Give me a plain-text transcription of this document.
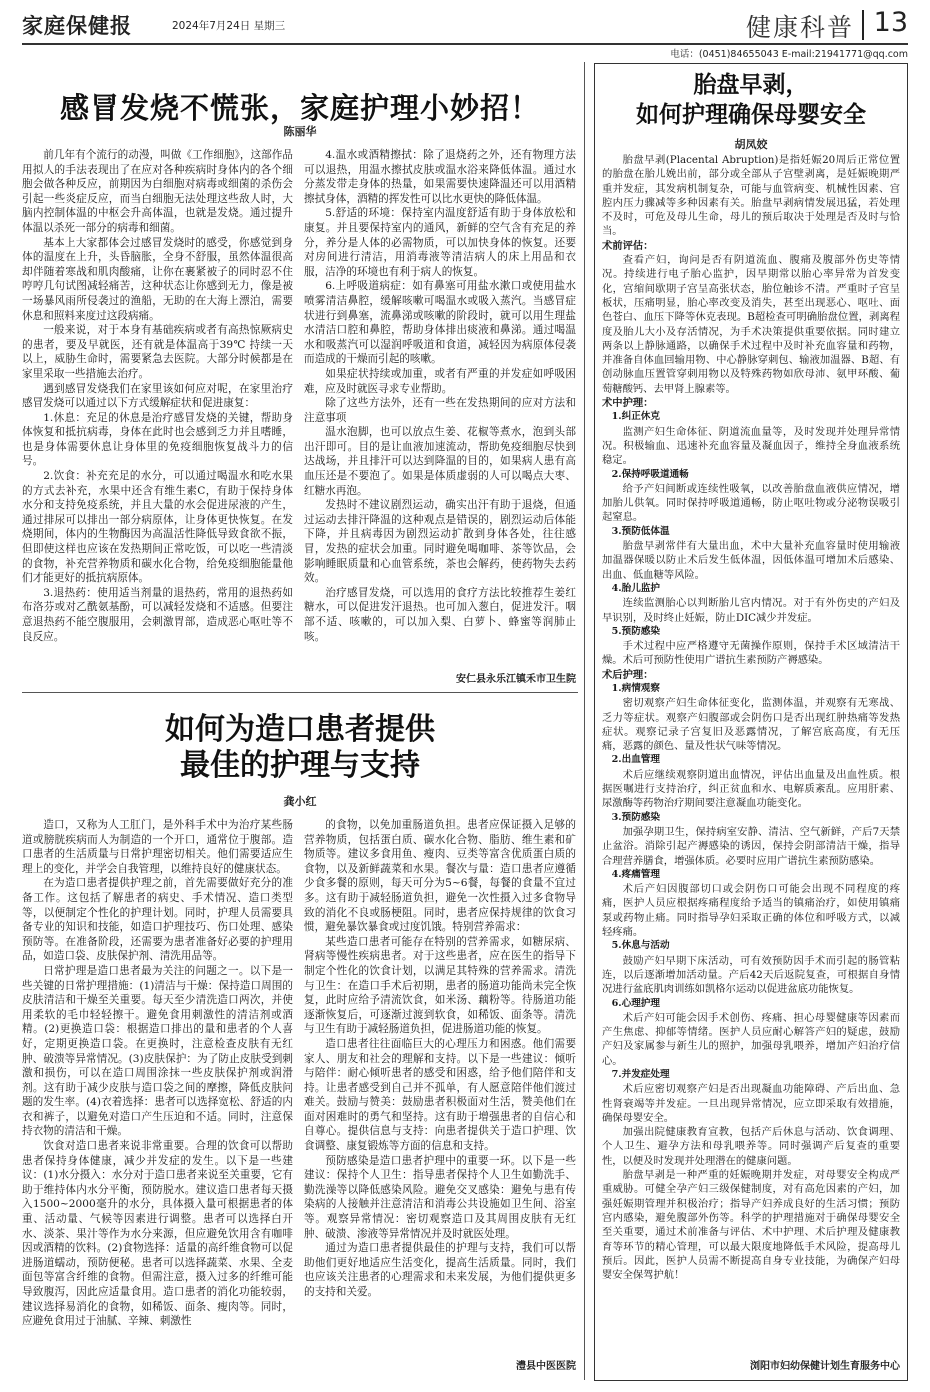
家庭保健报	2024年7月24日 星期三	健康科普 13
电话：(0451)84655043 E-mail:21941771@qq.com
感冒发烧不慌张，家庭护理小妙招！
陈丽华

前几年有个流行的动漫，叫做《工作细胞》，这部作品用拟人的手法表现出了在应对各种疾病时身体内的各个细胞会做各种反应，前期因为白细胞对病毒或细菌的杀伤会引起一些炎症反应，而当白细胞无法处理这些敌人时，大脑内控制体温的中枢会升高体温，也就是发烧。通过提升体温以杀死一部分的病毒和细菌。

基本上大家都体会过感冒发烧时的感受，你感觉到身体的温度在上升，头昏脑胀，全身不舒服，虽然体温很高却伴随着寒战和肌肉酸痛，让你在裹紧被子的同时忍不住哼哼几句试图减轻痛苦，这种状态让你感到无力，像是被一场暴风雨所侵袭过的渔船，无助的在大海上漂泊，需要休息和照料来度过这段病痛。

一般来说，对于本身有基础疾病或者有高热惊厥病史的患者，要及早就医，还有就是体温高于39℃ 持续一天以上，威胁生命时，需要紧急去医院。大部分时候都是在家里采取一些措施去治疗。

遇到感冒发烧我们在家里该如何应对呢，在家里治疗感冒发烧可以通过以下方式缓解症状和促进康复：

1.休息：充足的休息是治疗感冒发烧的关键，帮助身体恢复和抵抗病毒，身体在此时也会感到乏力并且嗜睡，也是身体需要休息让身体里的免疫细胞恢复战斗力的信号。

2.饮食：补充充足的水分，可以通过喝温水和吃水果的方式去补充，水果中还含有维生素C，有助于保持身体水分和支持免疫系统，并且大量的水会促进尿液的产生，通过排尿可以排出一部分病原体，让身体更快恢复。在发烧期间，体内的生物酶因为高温活性降低导致食欲不振，但即使这样也应该在发热期间正常吃饭，可以吃一些清淡的食物，补充营养物质和碳水化合物，给免疫细胞能量他们才能更好的抵抗病原体。

3.退热药：使用适当剂量的退热药，常用的退热药如布洛芬或对乙酰氨基酚，可以减轻发烧和不适感。但要注意退热药不能空腹服用，会刺激胃部，造成恶心呕吐等不良反应。

4.温水或酒精擦拭：除了退烧药之外，还有物理方法可以退热，用温水擦拭皮肤或温水浴来降低体温。通过水分蒸发带走身体的热量，如果需要快速降温还可以用酒精擦拭身体，酒精的挥发性可以比水更快的降低体温。

5.舒适的环境：保持室内温度舒适有助于身体放松和康复。并且要保持室内的通风，新鲜的空气含有充足的养分，养分是人体的必需物质，可以加快身体的恢复。还要对房间进行清洁，用消毒液等清洁病人的床上用品和衣服，洁净的环境也有利于病人的恢复。

6.上呼吸道病症：如有鼻塞可用盐水漱口或使用盐水喷雾清洁鼻腔，缓解咳嗽可喝温水或吸入蒸汽。当感冒症状进行到鼻塞，流鼻涕或咳嗽的阶段时，就可以用生理盐水清洁口腔和鼻腔，帮助身体排出痰液和鼻涕。通过喝温水和吸蒸汽可以湿润呼吸道和食道，减轻因为病原体侵袭而造成的干燥而引起的咳嗽。

如果症状持续或加重，或者有严重的并发症如呼吸困难，应及时就医寻求专业帮助。

除了这些方法外，还有一些在发热期间的应对方法和注意事项

温水泡脚，也可以放点生姜、花椒等煮水，泡到头部出汗即可。目的是让血液加速流动，帮助免疫细胞尽快到达战场，并且排汗可以达到降温的目的，如果病人患有高血压还是不要泡了。如果是体质虚弱的人可以喝点大枣、红糖水再泡。

发热时不建议剧烈运动，确实出汗有助于退烧，但通过运动去排汗降温的这种观点是错误的，剧烈运动后体能下降，并且病毒因为剧烈运动扩散到身体各处，往往感冒，发热的症状会加重。同时避免喝咖啡、茶等饮品，会影响睡眠质量和心血管系统，茶也会解药，使药物失去药效。

治疗感冒发烧，可以选用的食疗方法比较推荐生姜红糖水，可以促进发汗退热。也可加入葱白，促进发汗。咽部不适、咳嗽的，可以加入梨、白萝卜、蜂蜜等润肺止咳。

安仁县永乐江镇禾市卫生院
如何为造口患者提供
最佳的护理与支持
龚小红

造口，又称为人工肛门，是外科手术中为治疗某些肠道或膀胱疾病而人为制造的一个开口，通常位于腹部。造口患者的生活质量与日常护理密切相关。他们需要适应生理上的变化，并学会自我管理，以维持良好的健康状态。

在为造口患者提供护理之前，首先需要做好充分的准备工作。这包括了解患者的病史、手术情况、造口类型等，以便制定个性化的护理计划。同时，护理人员需要具备专业的知识和技能，如造口护理技巧、伤口处理、感染预防等。在准备阶段，还需要为患者准备好必要的护理用品，如造口袋、皮肤保护剂、清洗用品等。

日常护理是造口患者最为关注的问题之一。以下是一些关键的日常护理措施：(1)清洁与干燥：保持造口周围的皮肤清洁和干燥至关重要。每天至少清洗造口两次，并使用柔软的毛巾轻轻擦干。避免食用刺激性的清洁剂或酒精。(2)更换造口袋：根据造口排出的量和患者的个人喜好，定期更换造口袋。在更换时，注意检查皮肤有无红肿、破溃等异常情况。(3)皮肤保护：为了防止皮肤受到刺激和损伤，可以在造口周围涂抹一些皮肤保护剂或润滑剂。这有助于减少皮肤与造口袋之间的摩擦，降低皮肤问题的发生率。(4)衣着选择：患者可以选择宽松、舒适的内衣和裤子，以避免对造口产生压迫和不适。同时，注意保持衣物的清洁和干燥。

饮食对造口患者来说非常重要。合理的饮食可以帮助患者保持身体健康，减少并发症的发生。以下是一些建议：(1)水分摄入：水分对于造口患者来说至关重要，它有助于维持体内水分平衡，预防脱水。建议造口患者每天摄入1500~2000毫升的水分，具体摄入量可根据患者的体重、活动量、气候等因素进行调整。患者可以选择白开水、淡茶、果汁等作为水分来源，但应避免饮用含有咖啡因或酒精的饮料。(2)食物选择：适量的高纤维食物可以促进肠道蠕动，预防便秘。患者可以选择蔬菜、水果、全麦面包等富含纤维的食物。但需注意，摄入过多的纤维可能导致腹泻，因此应适量食用。造口患者的消化功能较弱，建议选择易消化的食物，如稀饭、面条、瘦肉等。同时，应避免食用过于油腻、辛辣、刺激性

的食物，以免加重肠道负担。患者应保证摄入足够的营养物质，包括蛋白质、碳水化合物、脂肪、维生素和矿物质等。建议多食用鱼、瘦肉、豆类等富含优质蛋白质的食物，以及新鲜蔬菜和水果。餐次与量：造口患者应遵循少食多餐的原则，每天可分为5~6餐，每餐的食量不宜过多。这有助于减轻肠道负担，避免一次性摄入过多食物导致的消化不良或肠梗阻。同时，患者应保持规律的饮食习惯，避免暴饮暴食或过度饥饿。特别营养需求：

某些造口患者可能存在特别的营养需求，如糖尿病、肾病等慢性疾病患者。对于这些患者，应在医生的指导下制定个性化的饮食计划，以满足其特殊的营养需求。清洗与卫生：在造口手术后初期，患者的肠道功能尚未完全恢复，此时应给予清流饮食，如米汤、藕粉等。待肠道功能逐渐恢复后，可逐渐过渡到软食，如稀饭、面条等。清洗与卫生有助于减轻肠道负担，促进肠道功能的恢复。

造口患者往往面临巨大的心理压力和困惑。他们需要家人、朋友和社会的理解和支持。以下是一些建议：倾听与陪伴：耐心倾听患者的感受和困惑，给予他们陪伴和支持。让患者感受到自己并不孤单，有人愿意陪伴他们渡过难关。鼓励与赞美：鼓励患者积极面对生活，赞美他们在面对困难时的勇气和坚持。这有助于增强患者的自信心和自尊心。提供信息与支持：向患者提供关于造口护理、饮食调整、康复锻炼等方面的信息和支持。

预防感染是造口患者护理中的重要一环。以下是一些建议：保持个人卫生：指导患者保持个人卫生如勤洗手、勤洗澡等以降低感染风险。避免交叉感染：避免与患有传染病的人接触并注意清洁和消毒公共设施如卫生间、浴室等。观察异常情况：密切观察造口及其周围皮肤有无红肿、破溃、渗液等异常情况并及时就医处理。

通过为造口患者提供最佳的护理与支持，我们可以帮助他们更好地适应生活变化，提高生活质量。同时，我们也应该关注患者的心理需求和未来发展，为他们提供更多的支持和关爱。

澧县中医医院
胎盘早剥，
如何护理确保母婴安全
胡凤姣

胎盘早剥(Placental Abruption)是指妊娠20周后正常位置的胎盘在胎儿娩出前，部分或全部从子宫壁剥离，是妊娠晚期严重并发症，其发病机制复杂，可能与血管病变、机械性因素、宫腔内压力骤减等多种因素有关。胎盘早剥病情发展迅猛，若处理不及时，可危及母儿生命，母儿的预后取决于处理是否及时与恰当。

术前评估：

查看产妇，询问是否有阴道流血、腹痛及腹部外伤史等情况。持续进行电子胎心监护，因早期常以胎心率异常为首发变化，宫缩间歇期子宫呈高张状态，胎位触诊不清。严重时子宫呈板状，压痛明显，胎心率改变及消失，甚至出现恶心、呕吐、面色苍白、血压下降等休克表现。B超检查可明确胎盘位置，剥离程度及胎儿大小及存活情况，为手术决策提供重要依据。同时建立两条以上静脉通路，以确保手术过程中及时补充血容量和药物，并准备自体血回输用物、中心静脉穿刺包、输液加温器、B超、有创动脉血压置管穿刺用物以及特殊药物如欣母沛、氨甲环酸、葡萄糖酸钙、去甲肾上腺素等。

术中护理：

1.纠正休克

监测产妇生命体征、阴道流血量等，及时发现并处理异常情况。积极输血、迅速补充血容量及凝血因子，维持全身血液系统稳定。

2.保持呼吸道通畅

给予产妇间断或连续性吸氧，以改善胎盘血液供应情况，增加胎儿供氧。同时保持呼吸道通畅，防止呕吐物或分泌物误吸引起窒息。

3.预防低体温

胎盘早剥常伴有大量出血，术中大量补充血容量时使用输液加温器保暖以防止术后发生低体温，因低体温可增加术后感染、出血、低血糖等风险。

4.胎儿监护

连续监测胎心以判断胎儿宫内情况。对于有外伤史的产妇及早识别，及时终止妊娠，防止DIC减少并发症。

5.预防感染

手术过程中应严格遵守无菌操作原则，保持手术区域清洁干燥。术后可预防性使用广谱抗生素预防产褥感染。

术后护理：

1.病情观察

密切观察产妇生命体征变化，监测体温，并观察有无寒战、乏力等症状。观察产妇腹部或会阴伤口是否出现红肿热痛等发热症状。观察记录子宫复旧及恶露情况，了解宫底高度，有无压痛，恶露的颜色、量及性状气味等情况。

2.出血管理

术后应继续观察阴道出血情况，评估出血量及出血性质。根据医嘱进行支持治疗，纠正贫血和水、电解质紊乱。应用肝素、尿激酶等药物治疗期间要注意凝血功能变化。

3.预防感染

加强孕期卫生，保持病室安静、清洁、空气新鲜，产后7天禁止盆浴。消除引起产褥感染的诱因，保持会阴部清洁干燥，指导合理营养膳食，增强体质。必要时应用广谱抗生素预防感染。

4.疼痛管理

术后产妇因腹部切口或会阴伤口可能会出现不同程度的疼痛，医护人员应根据疼痛程度给予适当的镇痛治疗，如使用镇痛泵或药物止痛。同时指导孕妇采取正确的体位和呼吸方式，以减轻疼痛。

5.休息与活动

鼓励产妇早期下床活动，可有效预防因手术而引起的肠管粘连，以后逐渐增加活动量。产后42天后返院复查，可根据自身情况进行盆底肌肉训练如凯格尔运动以促进盆底功能恢复。

6.心理护理

术后产妇可能会因手术创伤、疼痛、担心母婴健康等因素而产生焦虑、抑郁等情绪。医护人员应耐心解答产妇的疑虑，鼓励产妇及家属参与新生儿的照护，加强母乳喂养，增加产妇治疗信心。

7.并发症处理

术后应密切观察产妇是否出现凝血功能障碍、产后出血、急性肾衰竭等并发症。一旦出现异常情况，应立即采取有效措施，确保母婴安全。

加强出院健康教育宣教，包括产后休息与活动、饮食调理、个人卫生、避孕方法和母乳喂养等。同时强调产后复查的重要性，以便及时发现并处理潜在的健康问题。

胎盘早剥是一种严重的妊娠晚期并发症，对母婴安全构成严重威胁。可健全孕产妇三级保健制度，对有高危因素的产妇，加强妊娠期管理并积极治疗；指导产妇养成良好的生活习惯；预防宫内感染，避免腹部外伤等。科学的护理措施对于确保母婴安全至关重要，通过术前准备与评估、术中护理、术后护理及健康教育等环节的精心管理，可以最大限度地降低手术风险，提高母儿预后。因此，医护人员需不断提高自身专业技能，为确保产妇母婴安全保驾护航！

浏阳市妇幼保健计划生育服务中心
